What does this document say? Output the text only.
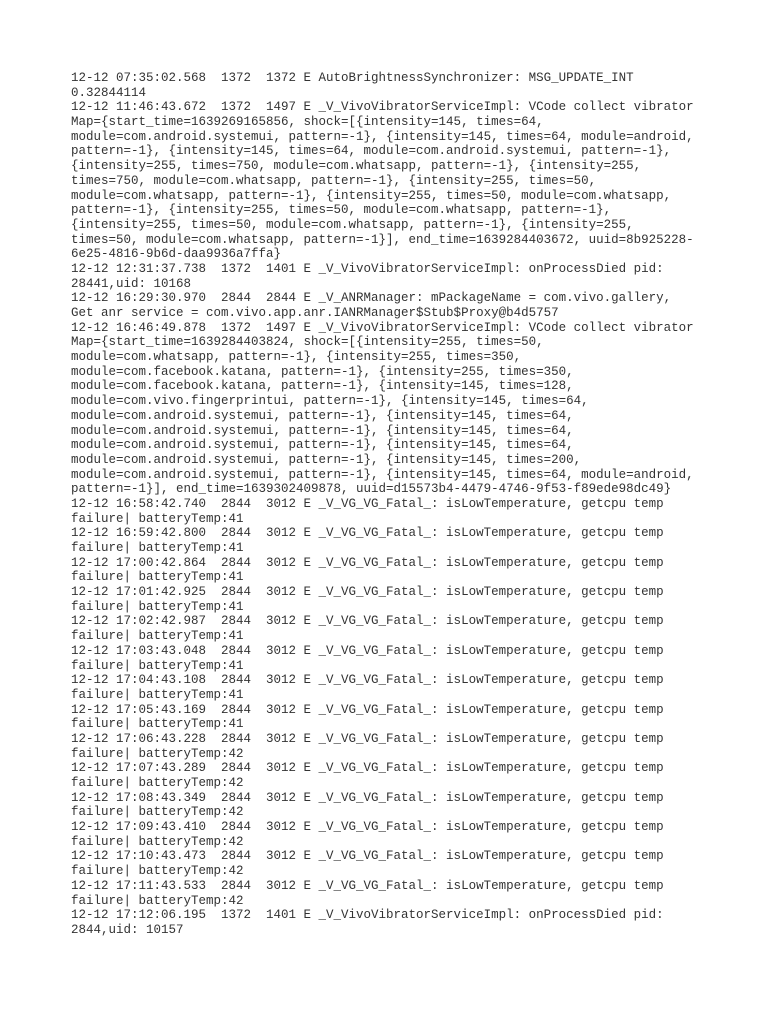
12-12 07:35:02.568  1372  1372 E AutoBrightnessSynchronizer: MSG_UPDATE_INT
0.32844114
12-12 11:46:43.672  1372  1497 E _V_VivoVibratorServiceImpl: VCode collect vibrator
Map={start_time=1639269165856, shock=[{intensity=145, times=64,
module=com.android.systemui, pattern=-1}, {intensity=145, times=64, module=android,
pattern=-1}, {intensity=145, times=64, module=com.android.systemui, pattern=-1},
{intensity=255, times=750, module=com.whatsapp, pattern=-1}, {intensity=255,
times=750, module=com.whatsapp, pattern=-1}, {intensity=255, times=50,
module=com.whatsapp, pattern=-1}, {intensity=255, times=50, module=com.whatsapp,
pattern=-1}, {intensity=255, times=50, module=com.whatsapp, pattern=-1},
{intensity=255, times=50, module=com.whatsapp, pattern=-1}, {intensity=255,
times=50, module=com.whatsapp, pattern=-1}], end_time=1639284403672, uuid=8b925228-
6e25-4816-9b6d-daa9936a7ffa}
12-12 12:31:37.738  1372  1401 E _V_VivoVibratorServiceImpl: onProcessDied pid:
28441,uid: 10168
12-12 16:29:30.970  2844  2844 E _V_ANRManager: mPackageName = com.vivo.gallery,
Get anr service = com.vivo.app.anr.IANRManager$Stub$Proxy@b4d5757
12-12 16:46:49.878  1372  1497 E _V_VivoVibratorServiceImpl: VCode collect vibrator
Map={start_time=1639284403824, shock=[{intensity=255, times=50,
module=com.whatsapp, pattern=-1}, {intensity=255, times=350,
module=com.facebook.katana, pattern=-1}, {intensity=255, times=350,
module=com.facebook.katana, pattern=-1}, {intensity=145, times=128,
module=com.vivo.fingerprintui, pattern=-1}, {intensity=145, times=64,
module=com.android.systemui, pattern=-1}, {intensity=145, times=64,
module=com.android.systemui, pattern=-1}, {intensity=145, times=64,
module=com.android.systemui, pattern=-1}, {intensity=145, times=64,
module=com.android.systemui, pattern=-1}, {intensity=145, times=200,
module=com.android.systemui, pattern=-1}, {intensity=145, times=64, module=android,
pattern=-1}], end_time=1639302409878, uuid=d15573b4-4479-4746-9f53-f89ede98dc49}
12-12 16:58:42.740  2844  3012 E _V_VG_VG_Fatal_: isLowTemperature, getcpu temp
failure| batteryTemp:41
12-12 16:59:42.800  2844  3012 E _V_VG_VG_Fatal_: isLowTemperature, getcpu temp
failure| batteryTemp:41
12-12 17:00:42.864  2844  3012 E _V_VG_VG_Fatal_: isLowTemperature, getcpu temp
failure| batteryTemp:41
12-12 17:01:42.925  2844  3012 E _V_VG_VG_Fatal_: isLowTemperature, getcpu temp
failure| batteryTemp:41
12-12 17:02:42.987  2844  3012 E _V_VG_VG_Fatal_: isLowTemperature, getcpu temp
failure| batteryTemp:41
12-12 17:03:43.048  2844  3012 E _V_VG_VG_Fatal_: isLowTemperature, getcpu temp
failure| batteryTemp:41
12-12 17:04:43.108  2844  3012 E _V_VG_VG_Fatal_: isLowTemperature, getcpu temp
failure| batteryTemp:41
12-12 17:05:43.169  2844  3012 E _V_VG_VG_Fatal_: isLowTemperature, getcpu temp
failure| batteryTemp:41
12-12 17:06:43.228  2844  3012 E _V_VG_VG_Fatal_: isLowTemperature, getcpu temp
failure| batteryTemp:42
12-12 17:07:43.289  2844  3012 E _V_VG_VG_Fatal_: isLowTemperature, getcpu temp
failure| batteryTemp:42
12-12 17:08:43.349  2844  3012 E _V_VG_VG_Fatal_: isLowTemperature, getcpu temp
failure| batteryTemp:42
12-12 17:09:43.410  2844  3012 E _V_VG_VG_Fatal_: isLowTemperature, getcpu temp
failure| batteryTemp:42
12-12 17:10:43.473  2844  3012 E _V_VG_VG_Fatal_: isLowTemperature, getcpu temp
failure| batteryTemp:42
12-12 17:11:43.533  2844  3012 E _V_VG_VG_Fatal_: isLowTemperature, getcpu temp
failure| batteryTemp:42
12-12 17:12:06.195  1372  1401 E _V_VivoVibratorServiceImpl: onProcessDied pid:
2844,uid: 10157
